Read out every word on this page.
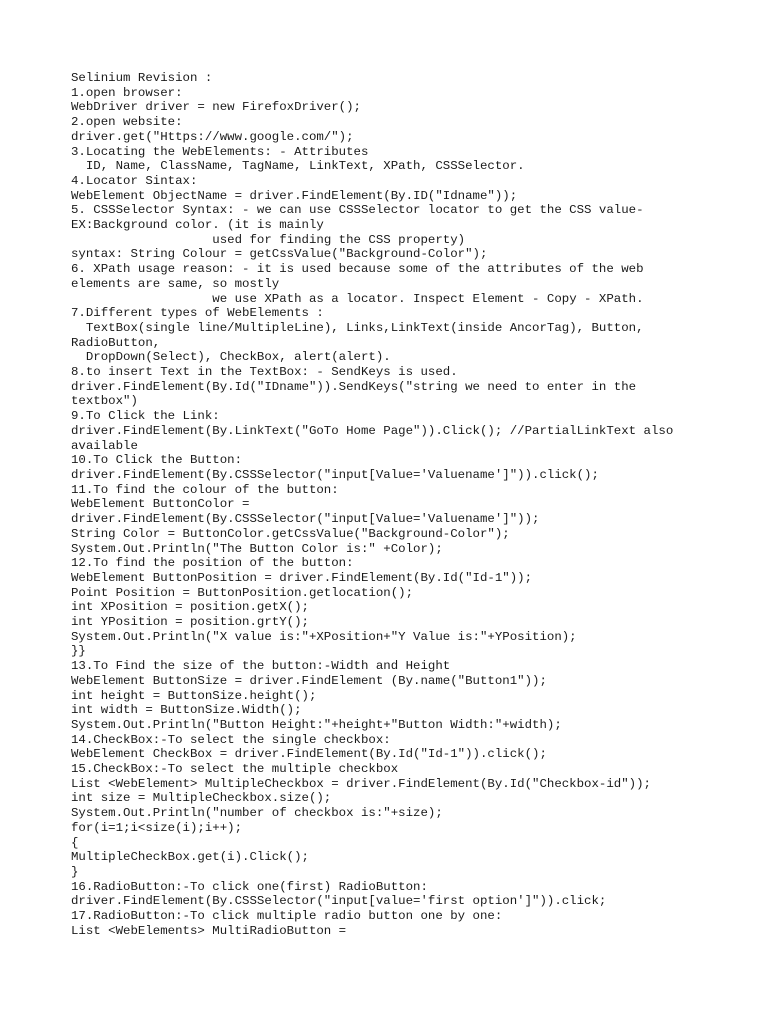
Selinium Revision :
1.open browser:
WebDriver driver = new FirefoxDriver();
2.open website:
driver.get("Https://www.google.com/");
3.Locating the WebElements: - Attributes
ID, Name, ClassName, TagName, LinkText, XPath, CSSSelector.
4.Locator Sintax:
WebElement ObjectName = driver.FindElement(By.ID("Idname"));
5. CSSSelector Syntax: - we can use CSSSelector locator to get the CSS value-
EX:Background color. (it is mainly
used for finding the CSS property)
syntax: String Colour = getCssValue("Background-Color");
6. XPath usage reason: - it is used because some of the attributes of the web
elements are same, so mostly
we use XPath as a locator. Inspect Element - Copy - XPath.
7.Different types of WebElements :
TextBox(single line/MultipleLine), Links,LinkText(inside AncorTag), Button,
RadioButton,
DropDown(Select), CheckBox, alert(alert).
8.to insert Text in the TextBox: - SendKeys is used.
driver.FindElement(By.Id("IDname")).SendKeys("string we need to enter in the
textbox")
9.To Click the Link:
driver.FindElement(By.LinkText("GoTo Home Page")).Click(); //PartialLinkText also
available
10.To Click the Button:
driver.FindElement(By.CSSSelector("input[Value='Valuename']")).click();
11.To find the colour of the button:
WebElement ButtonColor =
driver.FindElement(By.CSSSelector("input[Value='Valuename']"));
String Color = ButtonColor.getCssValue("Background-Color");
System.Out.Println("The Button Color is:" +Color);
12.To find the position of the button:
WebElement ButtonPosition = driver.FindElement(By.Id("Id-1"));
Point Position = ButtonPosition.getlocation();
int XPosition = position.getX();
int YPosition = position.grtY();
System.Out.Println("X value is:"+XPosition+"Y Value is:"+YPosition);
}}
13.To Find the size of the button:-Width and Height
WebElement ButtonSize = driver.FindElement (By.name("Button1"));
int height = ButtonSize.height();
int width = ButtonSize.Width();
System.Out.Println("Button Height:"+height+"Button Width:"+width);
14.CheckBox:-To select the single checkbox:
WebElement CheckBox = driver.FindElement(By.Id("Id-1")).click();
15.CheckBox:-To select the multiple checkbox
List <WebElement> MultipleCheckbox = driver.FindElement(By.Id("Checkbox-id"));
int size = MultipleCheckbox.size();
System.Out.Println("number of checkbox is:"+size);
for(i=1;i<size(i);i++);
{
MultipleCheckBox.get(i).Click();
}
16.RadioButton:-To click one(first) RadioButton:
driver.FindElement(By.CSSSelector("input[value='first option']")).click;
17.RadioButton:-To click multiple radio button one by one:
List <WebElements> MultiRadioButton =
